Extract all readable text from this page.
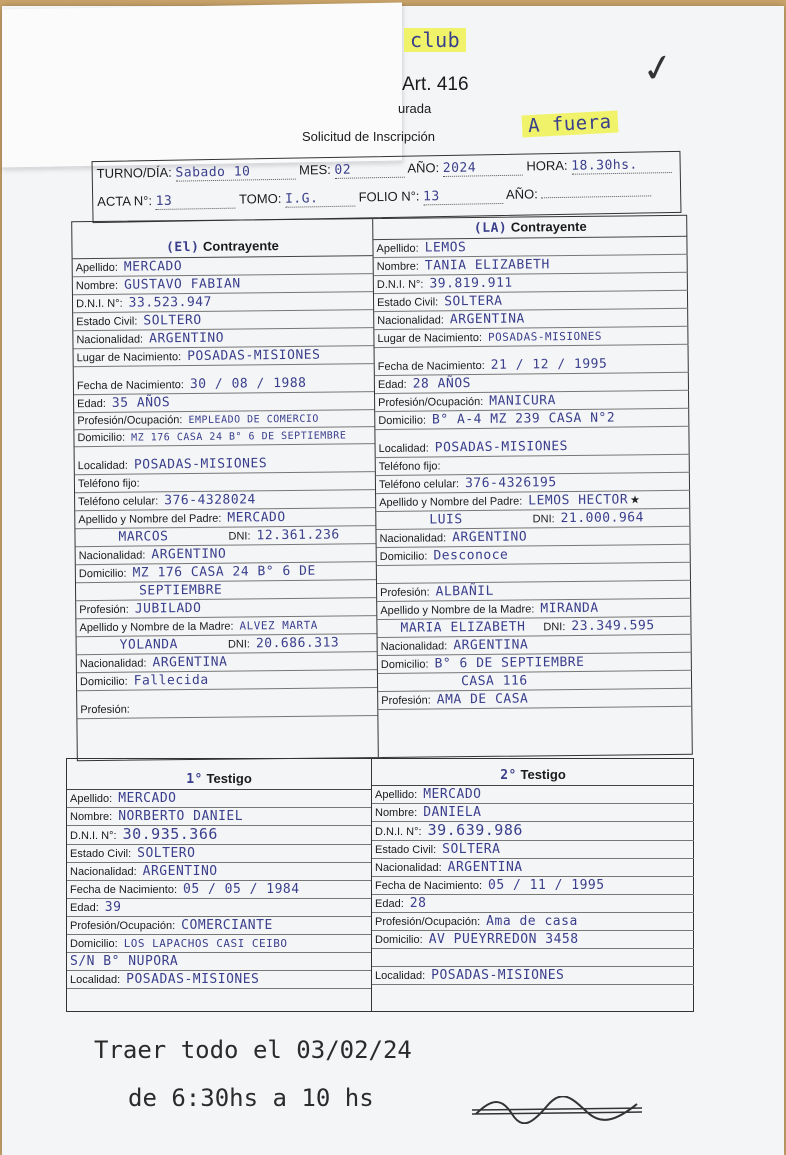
club
✓
Art. 416
urada
A fuera
Solicitud de Inscripción
TURNO/DÍA: Sabado 10	MES: 02	AÑO: 2024	HORA: 18.30hs.
ACTA N°: 13	TOMO: I.G.	FOLIO N°: 13	AÑO:
(El) Contrayente
Apellido: MERCADO
Nombre: GUSTAVO FABIAN
D.N.I. N°: 33.523.947
Estado Civil: SOLTERO
Nacionalidad: ARGENTINO
Lugar de Nacimiento: POSADAS-MISIONES
Fecha de Nacimiento: 30 / 08 / 1988
Edad: 35 AÑOS
Profesión/Ocupación: EMPLEADO DE COMERCIO
Domicilio: MZ 176 CASA 24 B° 6 DE SEPTIEMBRE
Localidad: POSADAS-MISIONES
Teléfono fijo:
Teléfono celular: 376-4328024
Apellido y Nombre del Padre: MERCADO
MARCOS	DNI: 12.361.236
Nacionalidad: ARGENTINO
Domicilio: MZ 176 CASA 24 B° 6 DE
SEPTIEMBRE
Profesión: JUBILADO
Apellido y Nombre de la Madre: ALVEZ MARTA
YOLANDA	DNI: 20.686.313
Nacionalidad: ARGENTINA
Domicilio: Fallecida
Profesión:
(LA) Contrayente
Apellido: LEMOS
Nombre: TANIA ELIZABETH
D.N.I. N°: 39.819.911
Estado Civil: SOLTERA
Nacionalidad: ARGENTINA
Lugar de Nacimiento: POSADAS-MISIONES
Fecha de Nacimiento: 21 / 12 / 1995
Edad: 28 AÑOS
Profesión/Ocupación: MANICURA
Domicilio: B° A-4 MZ 239 CASA N°2
Localidad: POSADAS-MISIONES
Teléfono fijo:
Teléfono celular: 376-4326195
Apellido y Nombre del Padre: LEMOS HECTOR ★
LUIS	DNI: 21.000.964
Nacionalidad: ARGENTINO
Domicilio: Desconoce

Profesión: ALBAÑIL
Apellido y Nombre de la Madre: MIRANDA
MARIA ELIZABETH DNI: 23.349.595
Nacionalidad: ARGENTINA
Domicilio: B° 6 DE SEPTIEMBRE
CASA 116
Profesión: AMA DE CASA
1° Testigo
Apellido: MERCADO
Nombre: NORBERTO DANIEL
D.N.I. N°: 30.935.366
Estado Civil: SOLTERO
Nacionalidad: ARGENTINO
Fecha de Nacimiento: 05 / 05 / 1984
Edad: 39
Profesión/Ocupación: COMERCIANTE
Domicilio: LOS LAPACHOS CASI CEIBO
S/N B° NUPORA
Localidad: POSADAS-MISIONES
2° Testigo
Apellido: MERCADO
Nombre: DANIELA
D.N.I. N°: 39.639.986
Estado Civil: SOLTERA
Nacionalidad: ARGENTINA
Fecha de Nacimiento: 05 / 11 / 1995
Edad: 28
Profesión/Ocupación: Ama de casa
Domicilio: AV PUEYRREDON 3458

Localidad: POSADAS-MISIONES
Traer todo el 03/02/24
de 6:30hs a 10 hs
